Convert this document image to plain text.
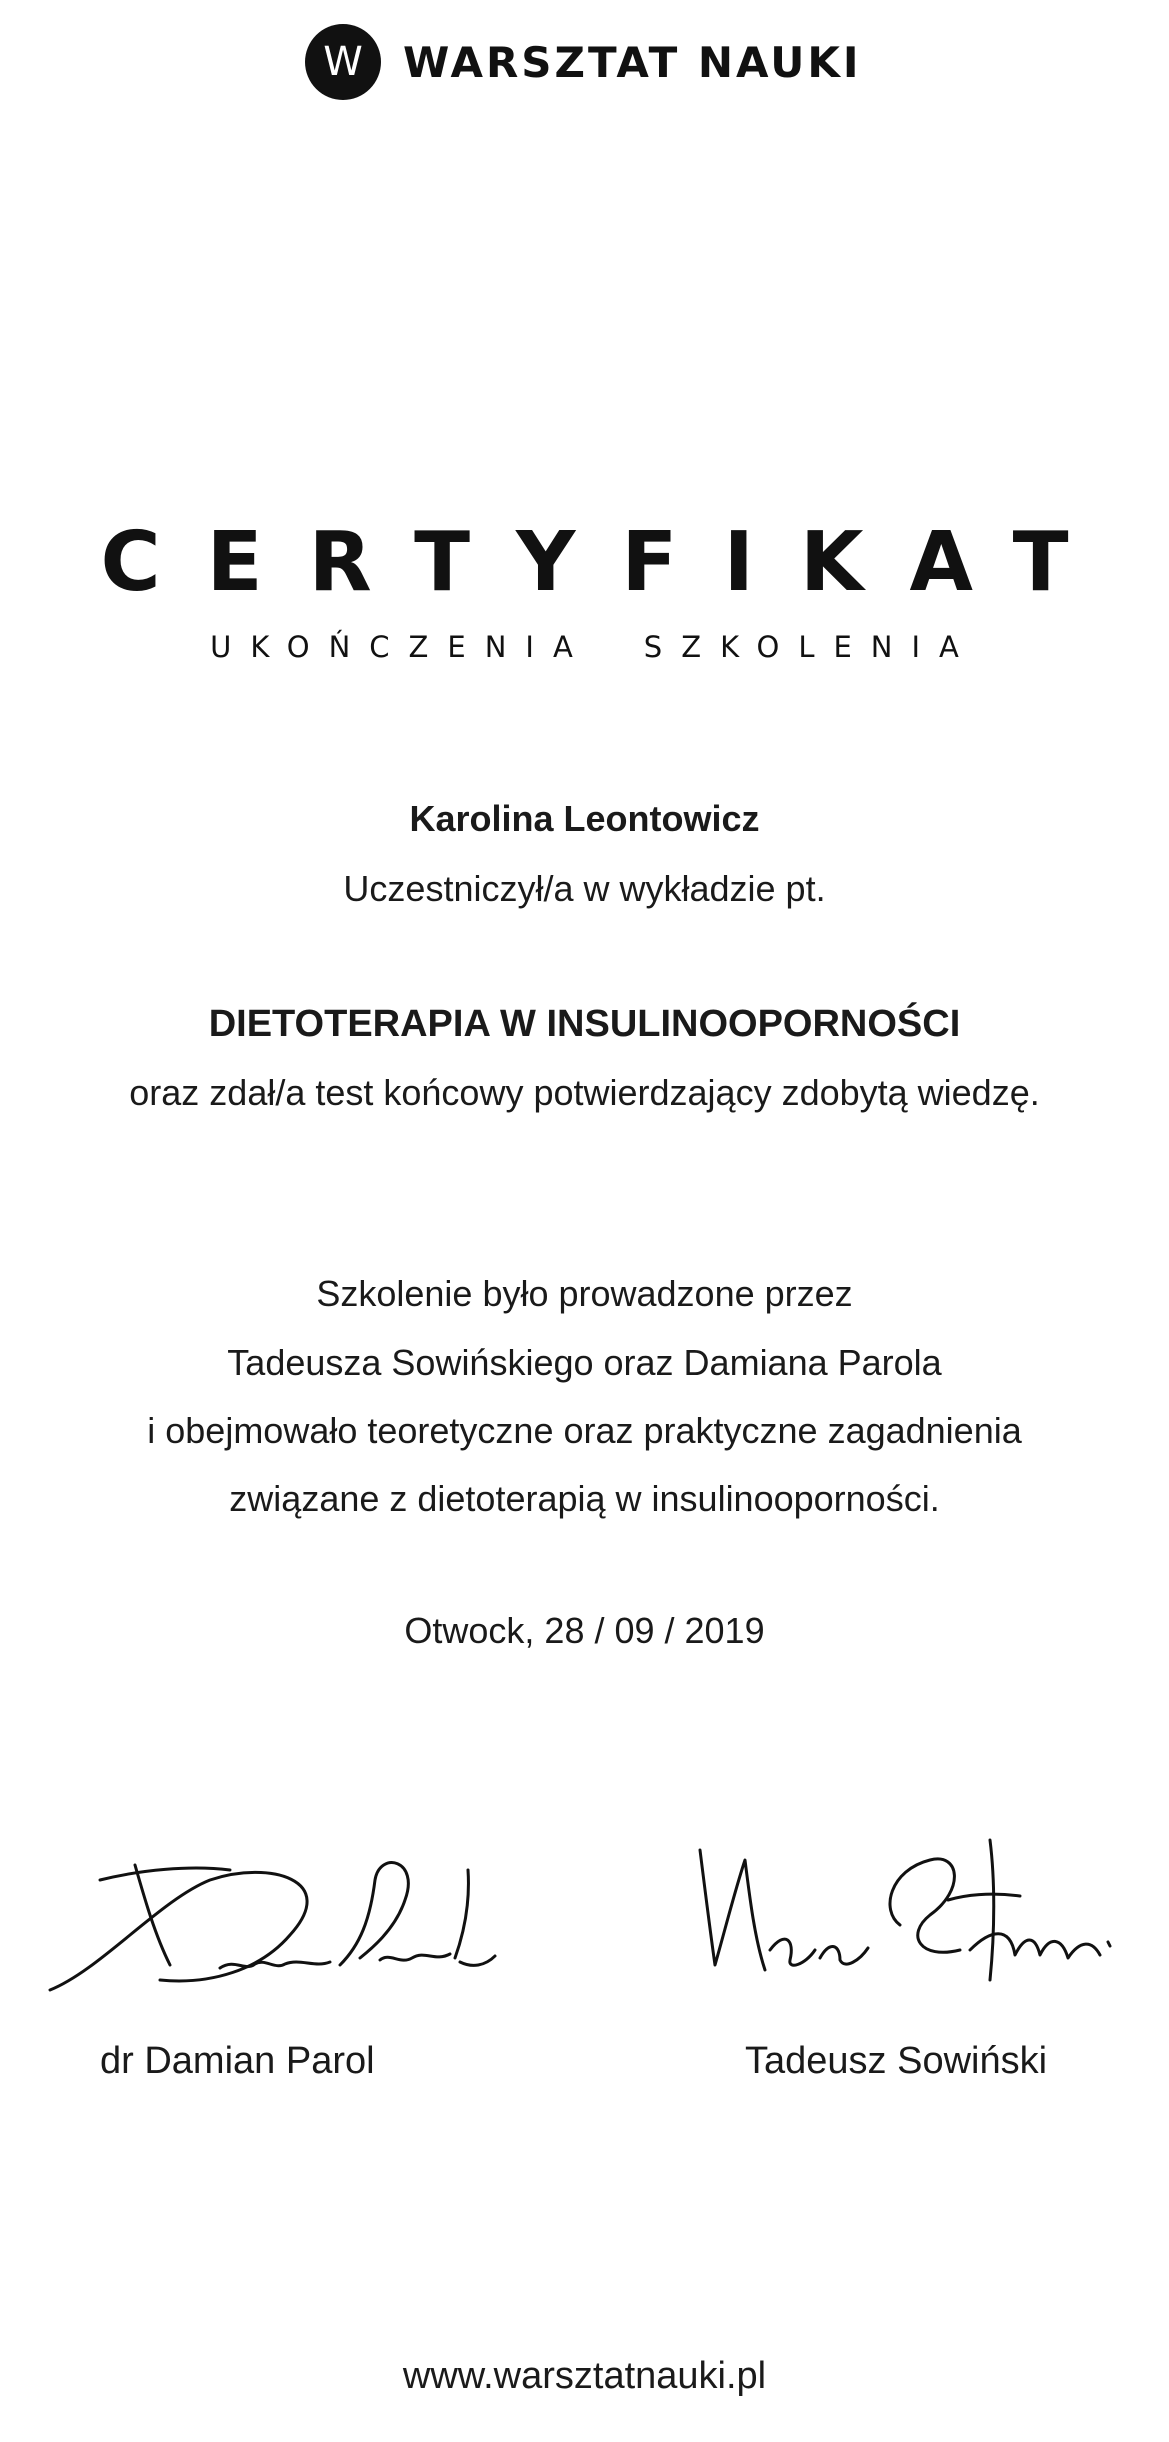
W WARSZTAT NAUKI
CERTYFIKAT
UKOŃCZENIA SZKOLENIA
Karolina Leontowicz
Uczestniczył/a w wykładzie pt.
DIETOTERAPIA W INSULINOOPORNOŚCI
oraz zdał/a test końcowy potwierdzający zdobytą wiedzę.
Szkolenie było prowadzone przez
Tadeusza Sowińskiego oraz Damiana Parola
i obejmowało teoretyczne oraz praktyczne zagadnienia
związane z dietoterapią w insulinooporności.
Otwock, 28 / 09 / 2019
dr Damian Parol	Tadeusz Sowiński
www.warsztatnauki.pl
